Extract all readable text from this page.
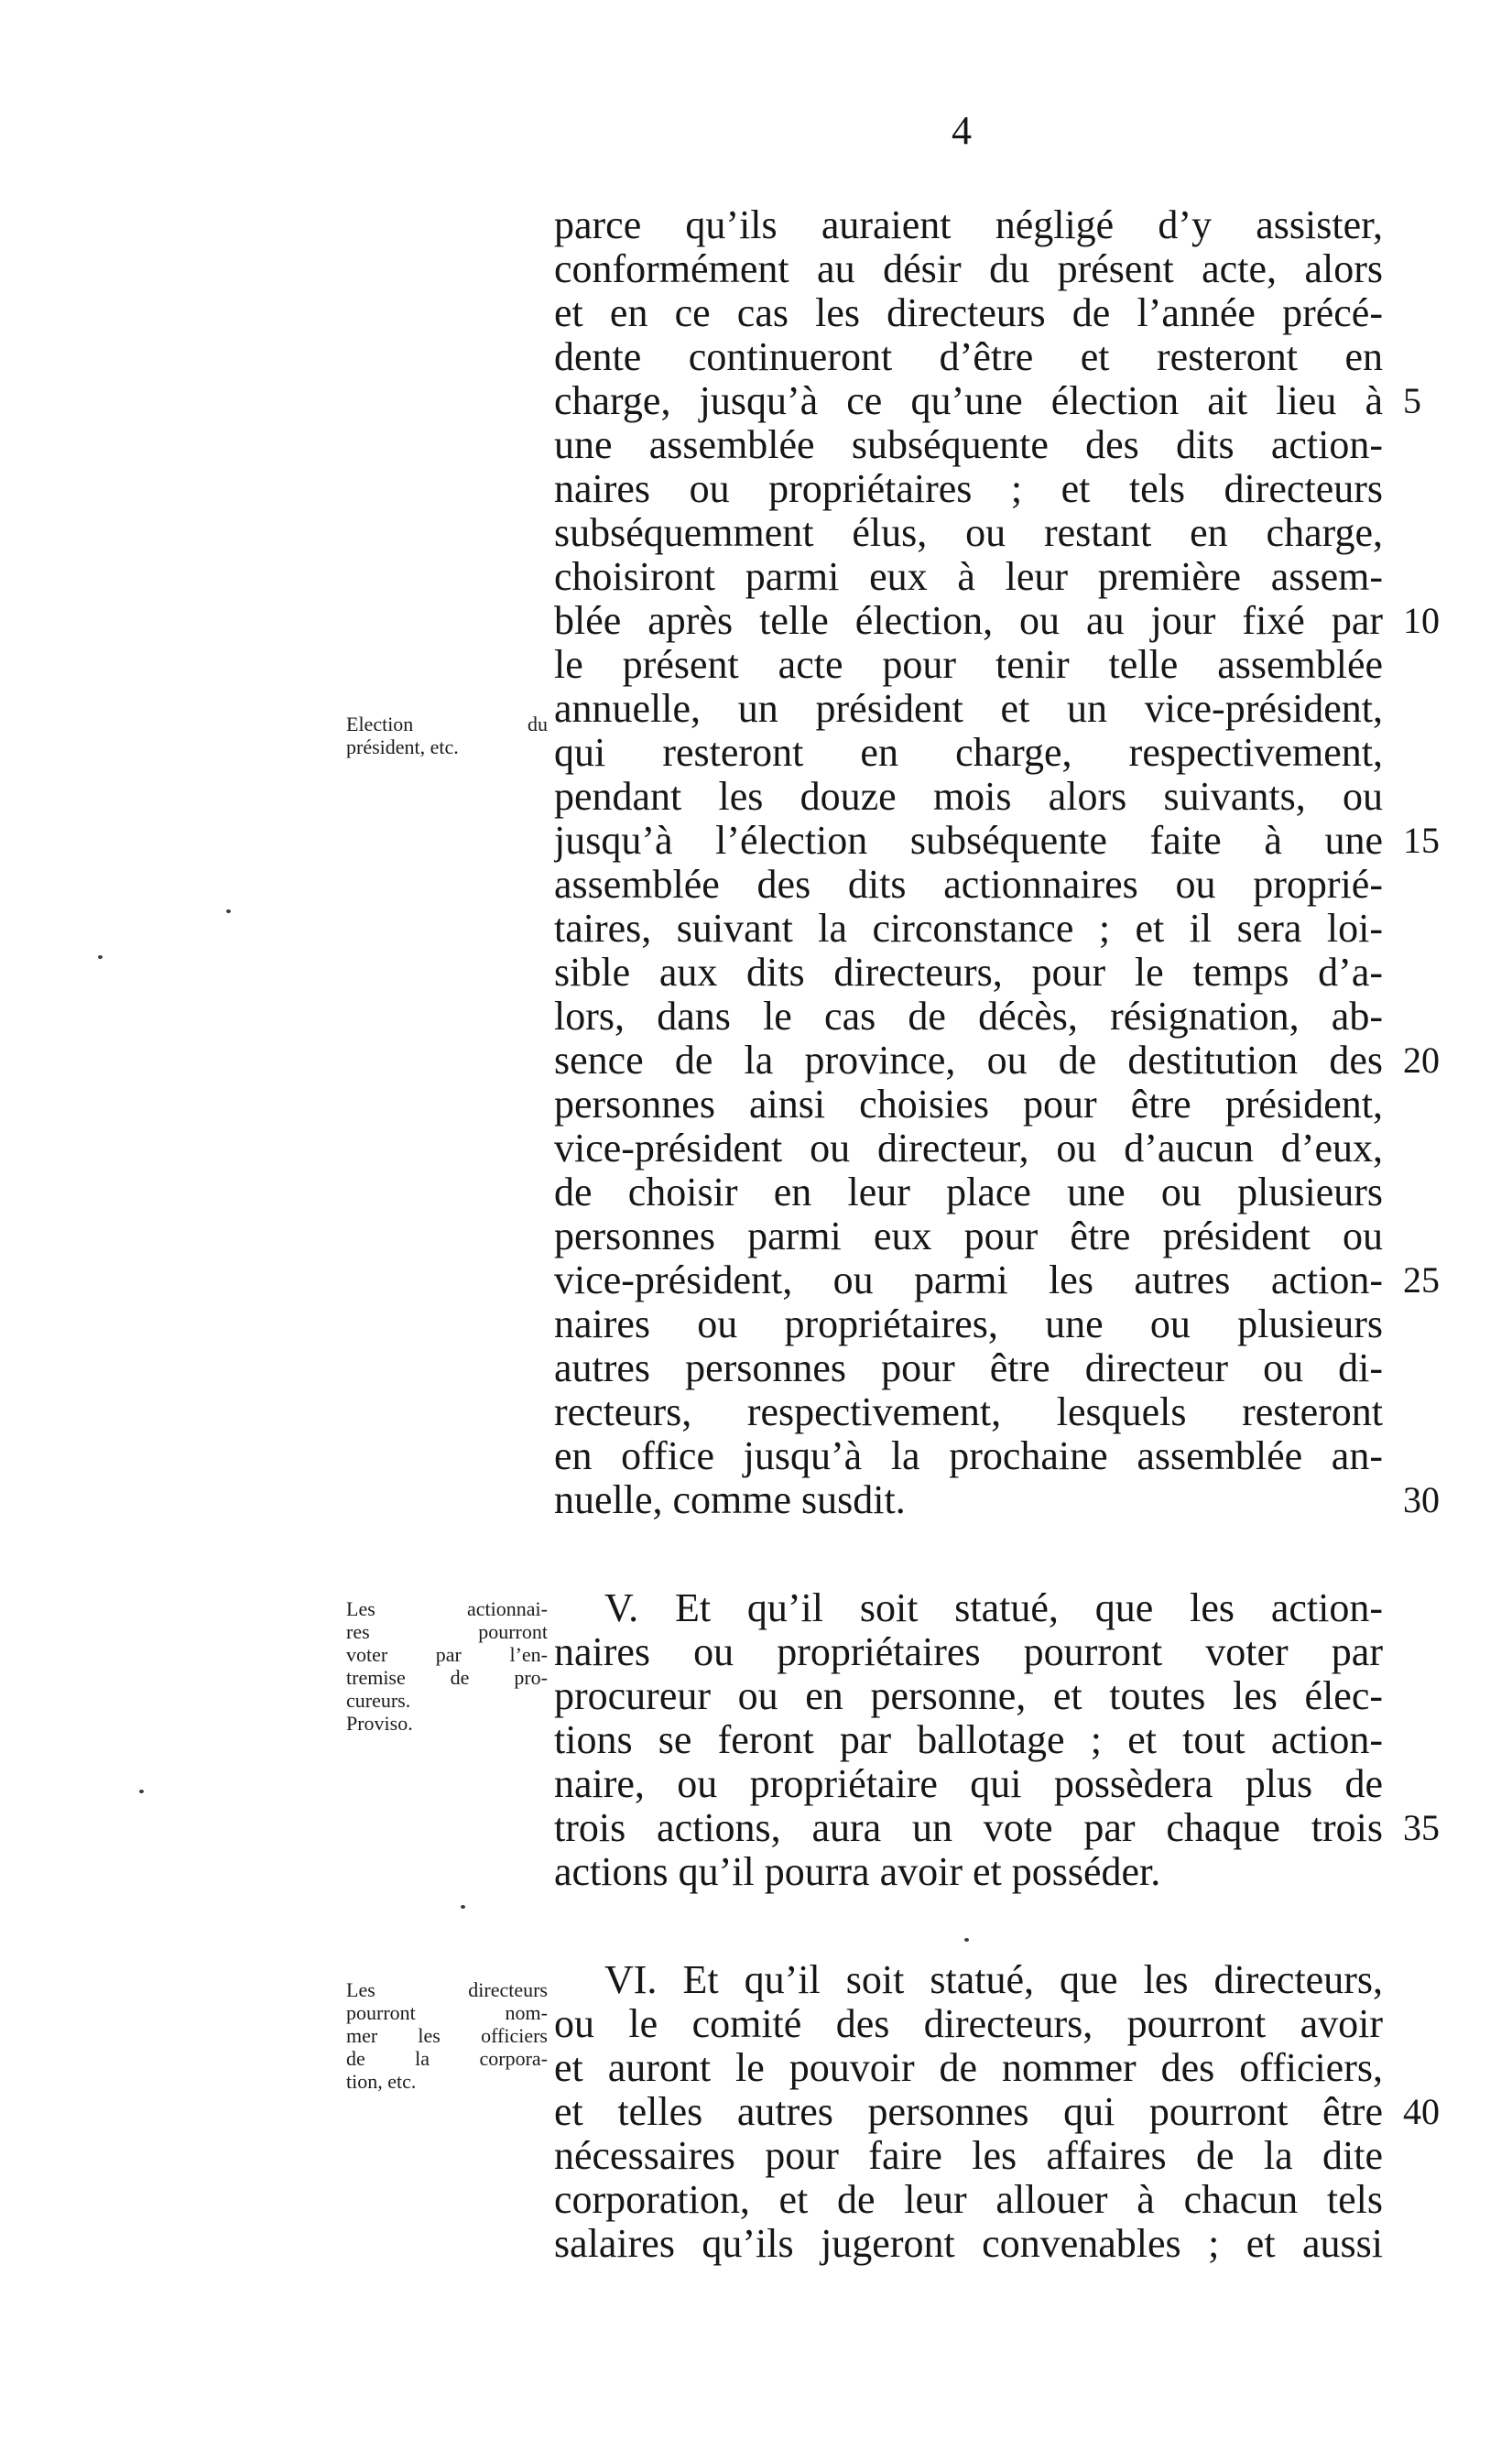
4
parce qu’ils auraient négligé d’y assister,
conformément au désir du présent acte, alors
et en ce cas les directeurs de l’année précé-
dente continueront d’être et resteront en
charge, jusqu’à ce qu’une élection ait lieu à
une assemblée subséquente des dits action-
naires ou propriétaires ; et tels directeurs
subséquemment élus, ou restant en charge,
choisiront parmi eux à leur première assem-
blée après telle élection, ou au jour fixé par
le présent acte pour tenir telle assemblée
annuelle, un président et un vice-président,
qui resteront en charge, respectivement,
pendant les douze mois alors suivants, ou
jusqu’à l’élection subséquente faite à une
assemblée des dits actionnaires ou proprié-
taires, suivant la circonstance ; et il sera loi-
sible aux dits directeurs, pour le temps d’a-
lors, dans le cas de décès, résignation, ab-
sence de la province, ou de destitution des
personnes ainsi choisies pour être président,
vice-président ou directeur, ou d’aucun d’eux,
de choisir en leur place une ou plusieurs
personnes parmi eux pour être président ou
vice-président, ou parmi les autres action-
naires ou propriétaires, une ou plusieurs
autres personnes pour être directeur ou di-
recteurs, respectivement, lesquels resteront
en office jusqu’à la prochaine assemblée an-
nuelle, comme susdit.
V. Et qu’il soit statué, que les action-
naires ou propriétaires pourront voter par
procureur ou en personne, et toutes les élec-
tions se feront par ballotage ; et tout action-
naire, ou propriétaire qui possèdera plus de
trois actions, aura un vote par chaque trois
actions qu’il pourra avoir et posséder.
VI. Et qu’il soit statué, que les directeurs,
ou le comité des directeurs, pourront avoir
et auront le pouvoir de nommer des officiers,
et telles autres personnes qui pourront être
nécessaires pour faire les affaires de la dite
corporation, et de leur allouer à chacun tels
salaires qu’ils jugeront convenables ; et aussi
5
10
15
20
25
30
35
40
Election du
président, etc.
Les actionnai-
res pourront
voter par l’en-
tremise de pro-
cureurs.
Proviso.
Les directeurs
pourront nom-
mer les officiers
de la corpora-
tion, etc.
